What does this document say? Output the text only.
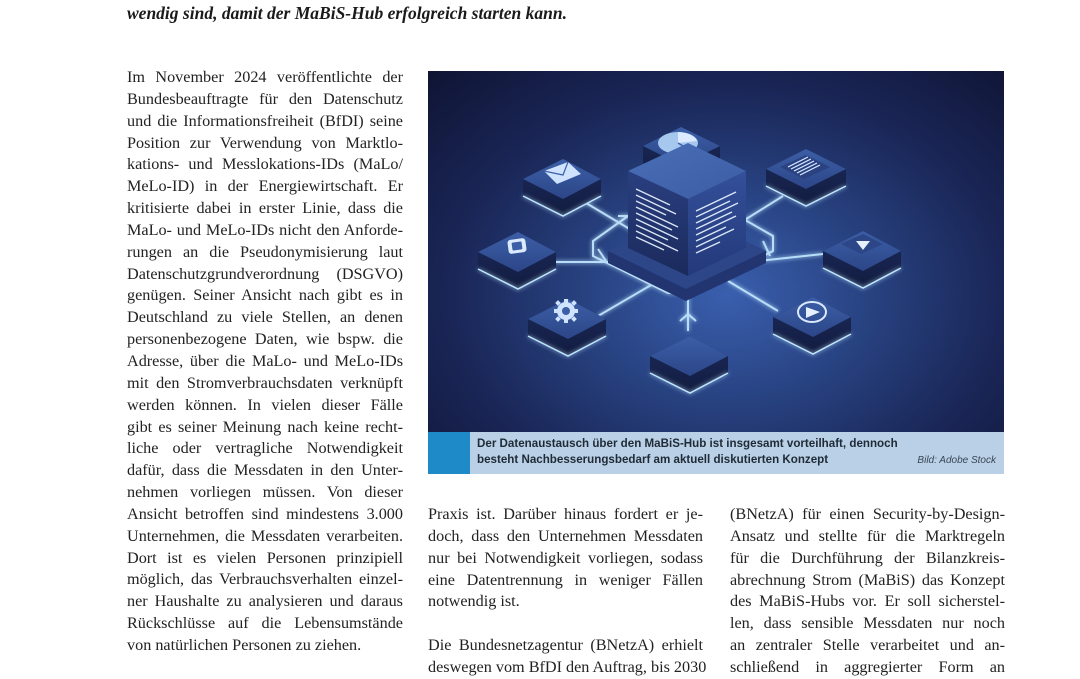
wendig sind, damit der MaBiS-Hub erfolgreich starten kann.
Im November 2024 veröffentlichte der
Bundesbeauftragte für den Datenschutz
und die Informationsfreiheit (BfDI) seine
Position zur Verwendung von Marktlo-
kations- und Messlokations-IDs (MaLo/
MeLo-ID) in der Energiewirtschaft. Er
kritisierte dabei in erster Linie, dass die
MaLo- und MeLo-IDs nicht den Anforde-
rungen an die Pseudonymisierung laut
Datenschutzgrundverordnung (DSGVO)
genügen. Seiner Ansicht nach gibt es in
Deutschland zu viele Stellen, an denen
personenbezogene Daten, wie bspw. die
Adresse, über die MaLo- und MeLo-IDs
mit den Stromverbrauchsdaten verknüpft
werden können. In vielen dieser Fälle
gibt es seiner Meinung nach keine recht-
liche oder vertragliche Notwendigkeit
dafür, dass die Messdaten in den Unter-
nehmen vorliegen müssen. Von dieser
Ansicht betroffen sind mindestens 3.000
Unternehmen, die Messdaten verarbeiten.
Dort ist es vielen Personen prinzipiell
möglich, das Verbrauchsverhalten einzel-
ner Haushalte zu analysieren und daraus
Rückschlüsse auf die Lebensumstände
von natürlichen Personen zu ziehen.
Der Datenaustausch über den MaBiS-Hub ist insgesamt vorteilhaft, dennoch
besteht Nachbesserungsbedarf am aktuell diskutierten Konzept	Bild: Adobe Stock
Praxis ist. Darüber hinaus fordert er je-
doch, dass den Unternehmen Messdaten
nur bei Notwendigkeit vorliegen, sodass
eine Datentrennung in weniger Fällen
notwendig ist.
Die Bundesnetzagentur (BNetzA) erhielt
deswegen vom BfDI den Auftrag, bis 2030
(BNetzA) für einen Security-by-Design-
Ansatz und stellte für die Marktregeln
für die Durchführung der Bilanzkreis-
abrechnung Strom (MaBiS) das Konzept
des MaBiS-Hubs vor. Er soll sicherstel-
len, dass sensible Messdaten nur noch
an zentraler Stelle verarbeitet und an-
schließend in aggregierter Form an
